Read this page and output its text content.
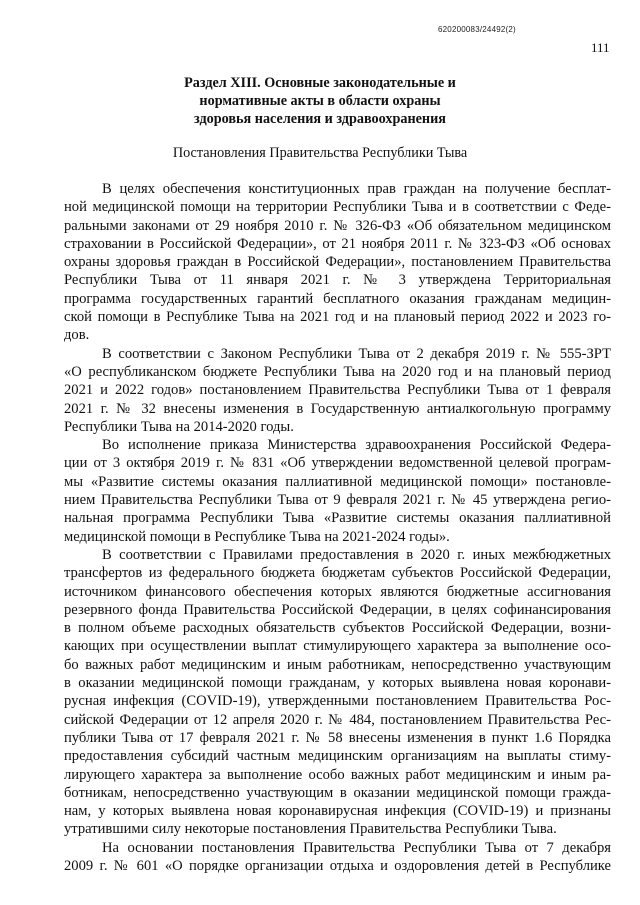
620200083/24492(2)
111
Раздел XIII. Основные законодательные и
нормативные акты в области охраны
здоровья населения и здравоохранения
Постановления Правительства Республики Тыва
В целях обеспечения конституционных прав граждан на получение бесплат-
ной медицинской помощи на территории Республики Тыва и в соответствии с Феде-
ральными законами от 29 ноября 2010 г. № 326-ФЗ «Об обязательном медицинском
страховании в Российской Федерации», от 21 ноября 2011 г. № 323-ФЗ «Об основах
охраны здоровья граждан в Российской Федерации», постановлением Правительства
Республики Тыва от 11 января 2021 г. № 3 утверждена Территориальная
программа государственных гарантий бесплатного оказания гражданам медицин-
ской помощи в Республике Тыва на 2021 год и на плановый период 2022 и 2023 го-
дов.
В соответствии с Законом Республики Тыва от 2 декабря 2019 г. № 555-ЗРТ
«О республиканском бюджете Республики Тыва на 2020 год и на плановый период
2021 и 2022 годов» постановлением Правительства Республики Тыва от 1 февраля
2021 г. № 32 внесены изменения в Государственную антиалкогольную программу
Республики Тыва на 2014-2020 годы.
Во исполнение приказа Министерства здравоохранения Российской Федера-
ции от 3 октября 2019 г. № 831 «Об утверждении ведомственной целевой програм-
мы «Развитие системы оказания паллиативной медицинской помощи» постановле-
нием Правительства Республики Тыва от 9 февраля 2021 г. № 45 утверждена регио-
нальная программа Республики Тыва «Развитие системы оказания паллиативной
медицинской помощи в Республике Тыва на 2021-2024 годы».
В соответствии с Правилами предоставления в 2020 г. иных межбюджетных
трансфертов из федерального бюджета бюджетам субъектов Российской Федерации,
источником финансового обеспечения которых являются бюджетные ассигнования
резервного фонда Правительства Российской Федерации, в целях софинансирования
в полном объеме расходных обязательств субъектов Российской Федерации, возни-
кающих при осуществлении выплат стимулирующего характера за выполнение осо-
бо важных работ медицинским и иным работникам, непосредственно участвующим
в оказании медицинской помощи гражданам, у которых выявлена новая коронави-
русная инфекция (COVID-19), утвержденными постановлением Правительства Рос-
сийской Федерации от 12 апреля 2020 г. № 484, постановлением Правительства Рес-
публики Тыва от 17 февраля 2021 г. № 58 внесены изменения в пункт 1.6 Порядка
предоставления субсидий частным медицинским организациям на выплаты стиму-
лирующего характера за выполнение особо важных работ медицинским и иным ра-
ботникам, непосредственно участвующим в оказании медицинской помощи гражда-
нам, у которых выявлена новая коронавирусная инфекция (COVID-19) и признаны
утратившими силу некоторые постановления Правительства Республики Тыва.
На основании постановления Правительства Республики Тыва от 7 декабря
2009 г. № 601 «О порядке организации отдыха и оздоровления детей в Республике
